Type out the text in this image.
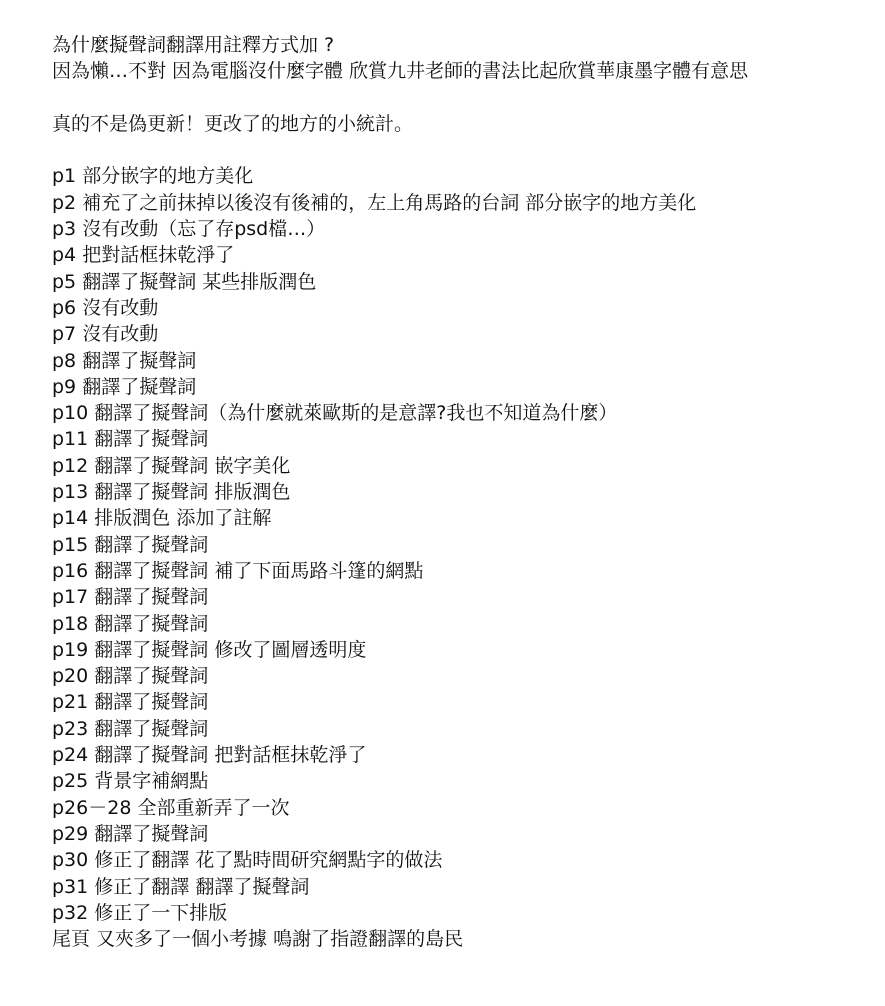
為什麼擬聲詞翻譯用註釋方式加 ?
因為懶…不對 因為電腦沒什麼字體 欣賞九井老師的書法比起欣賞華康墨字體有意思
真的不是偽更新！更改了的地方的小統計。
p1 部分嵌字的地方美化
p2 補充了之前抹掉以後沒有後補的，左上角馬路的台詞 部分嵌字的地方美化
p3 沒有改動（忘了存psd檔…）
p4 把對話框抹乾淨了
p5 翻譯了擬聲詞 某些排版潤色
p6 沒有改動
p7 沒有改動
p8 翻譯了擬聲詞
p9 翻譯了擬聲詞
p10 翻譯了擬聲詞（為什麼就萊歐斯的是意譯?我也不知道為什麼）
p11 翻譯了擬聲詞
p12 翻譯了擬聲詞 嵌字美化
p13 翻譯了擬聲詞 排版潤色
p14 排版潤色 添加了註解
p15 翻譯了擬聲詞
p16 翻譯了擬聲詞 補了下面馬路斗篷的網點
p17 翻譯了擬聲詞
p18 翻譯了擬聲詞
p19 翻譯了擬聲詞 修改了圖層透明度
p20 翻譯了擬聲詞
p21 翻譯了擬聲詞
p23 翻譯了擬聲詞
p24 翻譯了擬聲詞 把對話框抹乾淨了
p25 背景字補網點
p26－28 全部重新弄了一次
p29 翻譯了擬聲詞
p30 修正了翻譯 花了點時間研究網點字的做法
p31 修正了翻譯 翻譯了擬聲詞
p32 修正了一下排版
尾頁 又夾多了一個小考據 鳴謝了指證翻譯的島民
